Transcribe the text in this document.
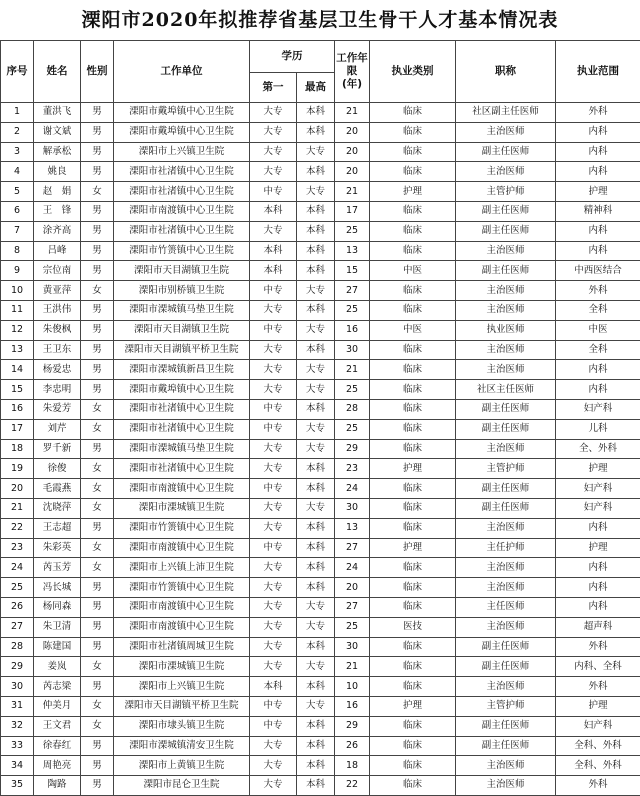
溧阳市2020年拟推荐省基层卫生骨干人才基本情况表
序号	姓名	性别	工作单位	学历		工作年
限
(年)	执业类别	职称	执业范围
				第一	最高				
1	董洪飞	男	溧阳市戴埠镇中心卫生院	大专	本科	21	临床	社区副主任医师	外科
2	谢文斌	男	溧阳市戴埠镇中心卫生院	大专	本科	20	临床	主治医师	内科
3	解承松	男	溧阳市上兴镇卫生院	大专	大专	20	临床	副主任医师	内科
4	姚良	男	溧阳市社渚镇中心卫生院	大专	本科	20	临床	主治医师	内科
5	赵　娟	女	溧阳市社渚镇中心卫生院	中专	大专	21	护理	主管护师	护理
6	王　锋	男	溧阳市南渡镇中心卫生院	本科	本科	17	临床	副主任医师	精神科
7	涂齐高	男	溧阳市社渚镇中心卫生院	大专	本科	25	临床	副主任医师	内科
8	吕峰	男	溧阳市竹箦镇中心卫生院	本科	本科	13	临床	主治医师	内科
9	宗位南	男	溧阳市天目湖镇卫生院	本科	本科	15	中医	副主任医师	中西医结合
10	黄亚萍	女	溧阳市别桥镇卫生院	中专	大专	27	临床	主治医师	外科
11	王洪伟	男	溧阳市溧城镇马垫卫生院	大专	本科	25	临床	主治医师	全科
12	朱俊枫	男	溧阳市天目湖镇卫生院	中专	大专	16	中医	执业医师	中医
13	王卫东	男	溧阳市天目湖镇平桥卫生院	大专	本科	30	临床	主治医师	全科
14	杨爱忠	男	溧阳市溧城镇新昌卫生院	大专	大专	21	临床	主治医师	内科
15	李忠明	男	溧阳市戴埠镇中心卫生院	大专	大专	25	临床	社区主任医师	内科
16	朱爱芳	女	溧阳市社渚镇中心卫生院	中专	本科	28	临床	副主任医师	妇产科
17	刘芹	女	溧阳市社渚镇中心卫生院	中专	大专	25	临床	副主任医师	儿科
18	罗千新	男	溧阳市溧城镇马垫卫生院	大专	大专	29	临床	主治医师	全、外科
19	徐俊	女	溧阳市社渚镇中心卫生院	大专	本科	23	护理	主管护师	护理
20	毛霞燕	女	溧阳市南渡镇中心卫生院	中专	本科	24	临床	副主任医师	妇产科
21	沈晓萍	女	溧阳市溧城镇卫生院	大专	大专	30	临床	副主任医师	妇产科
22	王志超	男	溧阳市竹箦镇中心卫生院	大专	本科	13	临床	主治医师	内科
23	朱彩英	女	溧阳市南渡镇中心卫生院	中专	本科	27	护理	主任护师	护理
24	芮玉芳	女	溧阳市上兴镇上沛卫生院	大专	本科	24	临床	主治医师	内科
25	冯长城	男	溧阳市竹箦镇中心卫生院	大专	本科	20	临床	主治医师	内科
26	杨同森	男	溧阳市南渡镇中心卫生院	大专	大专	27	临床	主任医师	内科
27	朱卫清	男	溧阳市南渡镇中心卫生院	大专	大专	25	医技	主治医师	超声科
28	陈建国	男	溧阳市社渚镇周城卫生院	大专	本科	30	临床	副主任医师	外科
29	姜岚	女	溧阳市溧城镇卫生院	大专	大专	21	临床	副主任医师	内科、全科
30	芮志梁	男	溧阳市上兴镇卫生院	本科	本科	10	临床	主治医师	外科
31	仲美月	女	溧阳市天目湖镇平桥卫生院	中专	大专	16	护理	主管护师	护理
32	王文君	女	溧阳市埭头镇卫生院	中专	本科	29	临床	副主任医师	妇产科
33	徐春红	男	溧阳市溧城镇清安卫生院	大专	本科	26	临床	副主任医师	全科、外科
34	周艳亮	男	溧阳市上黄镇卫生院	大专	本科	18	临床	主治医师	全科、外科
35	陶路	男	溧阳市昆仑卫生院	大专	本科	22	临床	主治医师	外科
